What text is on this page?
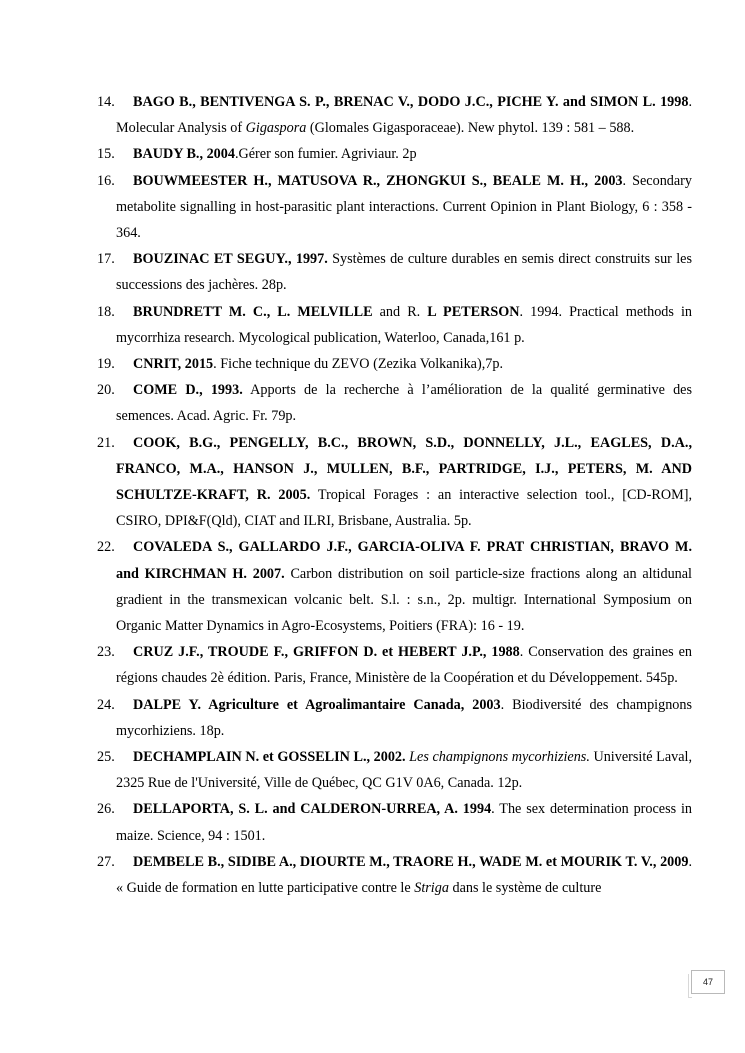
14.	BAGO B., BENTIVENGA S. P., BRENAC V., DODO J.C., PICHE Y. and SIMON L. 1998. Molecular Analysis of Gigaspora (Glomales Gigasporaceae). New phytol. 139 : 581 – 588.

15.	BAUDY B., 2004.Gérer son fumier. Agriviaur. 2p

16.	BOUWMEESTER H., MATUSOVA R., ZHONGKUI S., BEALE M. H., 2003. Secondary metabolite signalling in host-parasitic plant interactions. Current Opinion in Plant Biology, 6 : 358 - 364.

17.	BOUZINAC ET SEGUY., 1997. Systèmes de culture durables en semis direct construits sur les successions des jachères. 28p.

18.	BRUNDRETT M. C., L. MELVILLE and R. L PETERSON. 1994. Practical methods in mycorrhiza research. Mycological publication, Waterloo, Canada,161 p.

19.	CNRIT, 2015. Fiche technique du ZEVO (Zezika Volkanika),7p.

20.	COME D., 1993. Apports de la recherche à l’amélioration de la qualité germinative des semences. Acad. Agric. Fr. 79p.

21.	COOK, B.G., PENGELLY, B.C., BROWN, S.D., DONNELLY, J.L., EAGLES, D.A., FRANCO, M.A., HANSON J., MULLEN, B.F., PARTRIDGE, I.J., PETERS, M. AND SCHULTZE-KRAFT, R. 2005. Tropical Forages : an interactive selection tool., [CD-ROM], CSIRO, DPI&F(Qld), CIAT and ILRI, Brisbane, Australia. 5p.

22.	COVALEDA S., GALLARDO J.F., GARCIA-OLIVA F. PRAT CHRISTIAN, BRAVO M. and KIRCHMAN H. 2007. Carbon distribution on soil particle-size fractions along an altidunal gradient in the transmexican volcanic belt. S.l. : s.n., 2p. multigr. International Symposium on Organic Matter Dynamics in Agro-Ecosystems, Poitiers (FRA): 16 - 19.

23.	CRUZ J.F., TROUDE F., GRIFFON D. et HEBERT J.P., 1988. Conservation des graines en régions chaudes 2è édition. Paris, France, Ministère de la Coopération et du Développement. 545p.

24.	DALPE Y. Agriculture et Agroalimantaire Canada, 2003. Biodiversité des champignons mycorhiziens. 18p.

25.	DECHAMPLAIN N. et GOSSELIN L., 2002. Les champignons mycorhiziens. Université Laval, 2325 Rue de l'Université, Ville de Québec, QC G1V 0A6, Canada. 12p.

26.	DELLAPORTA, S. L. and CALDERON-URREA, A. 1994. The sex determination process in maize. Science, 94 : 1501.

27.	DEMBELE B., SIDIBE A., DIOURTE M., TRAORE H., WADE M. et MOURIK T. V., 2009. « Guide de formation en lutte participative contre le Striga dans le système de culture

47
